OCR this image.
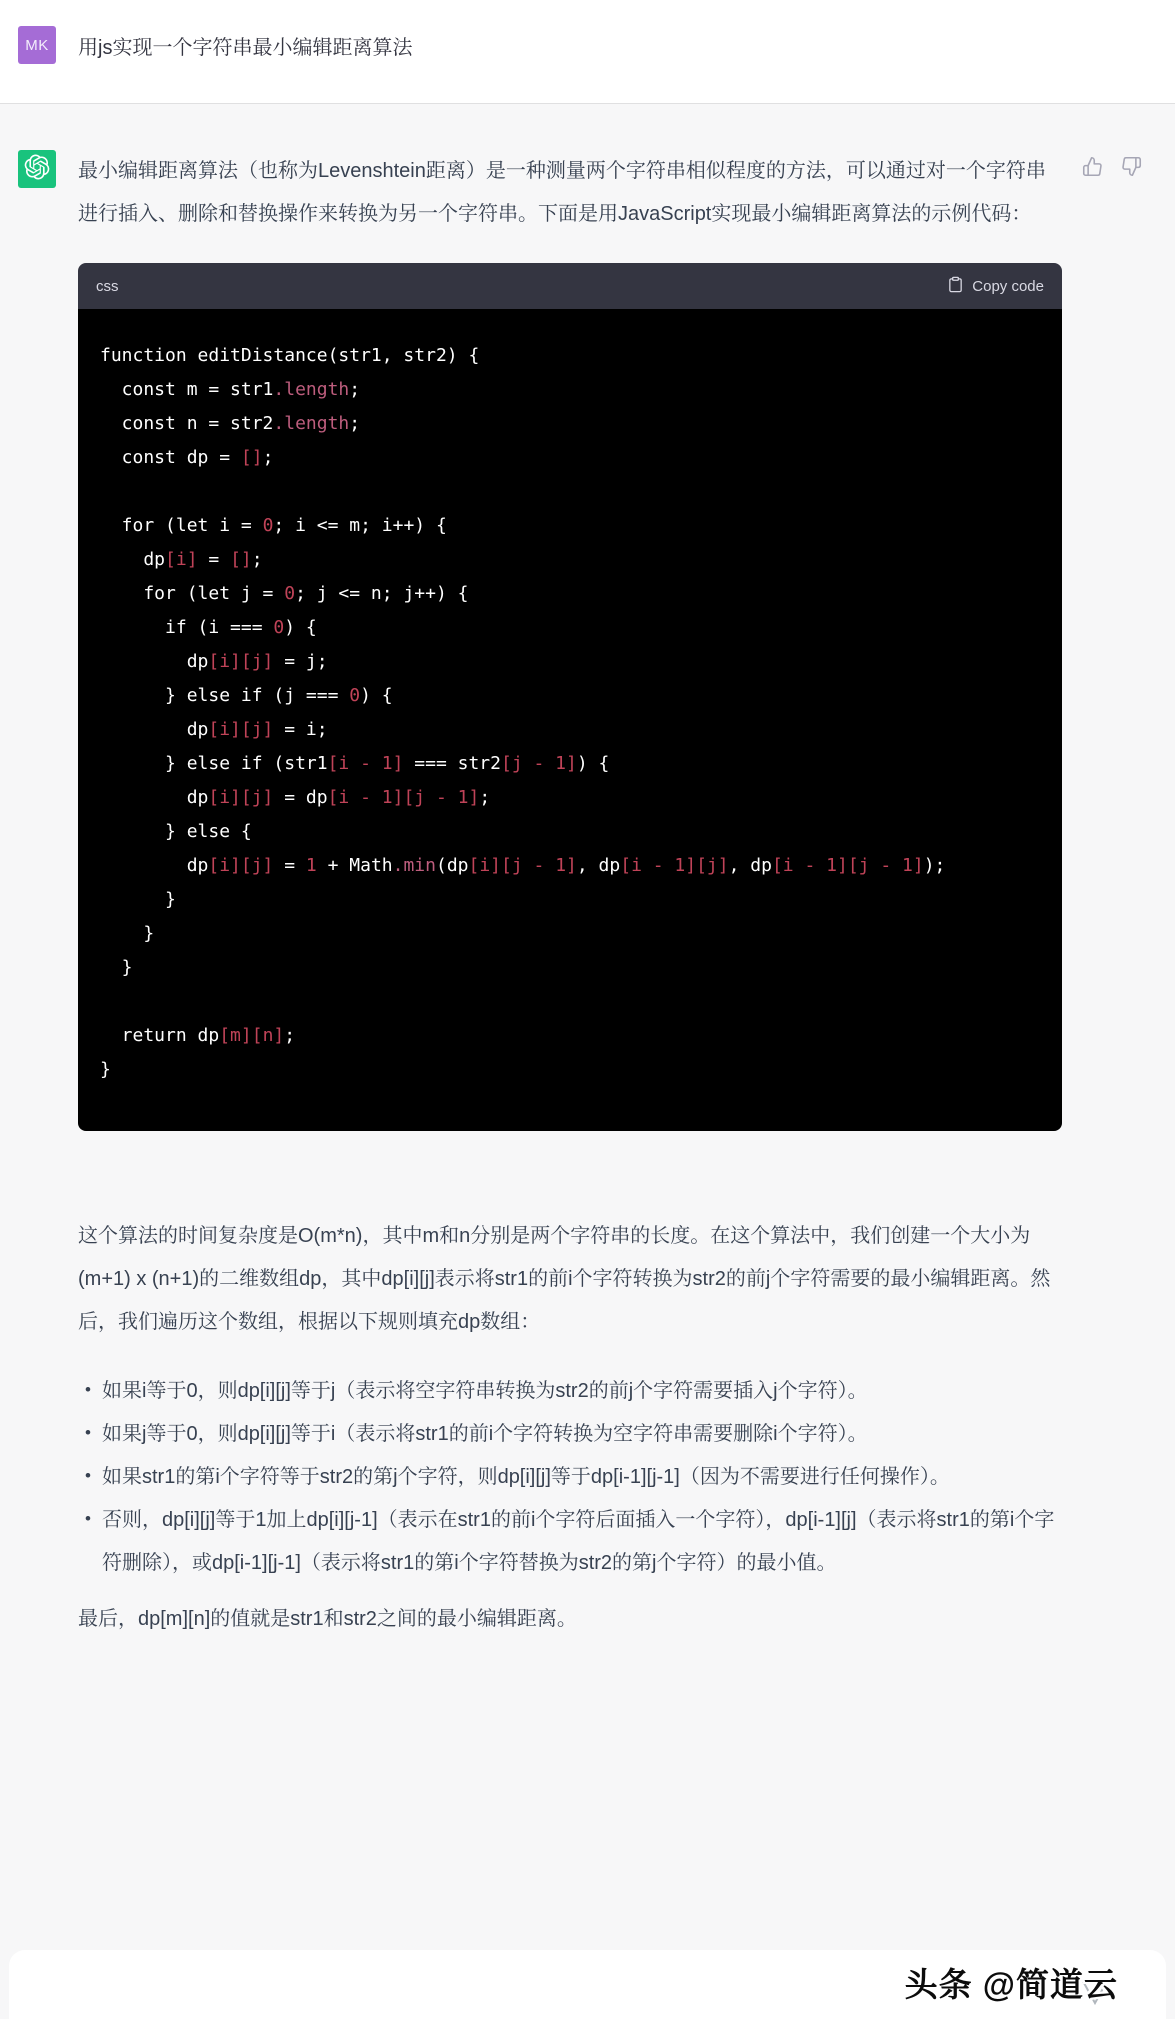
MK 用js实现一个字符串最小编辑距离算法

最小编辑距离算法（也称为Levenshtein距离）是一种测量两个字符串相似程度的方法，可以通过对一个字符串进行插入、删除和替换操作来转换为另一个字符串。下面是用JavaScript实现最小编辑距离算法的示例代码：

css	Copy code
function editDistance(str1, str2) {
const m = str1.length;
const n = str2.length;
const dp = [];

for (let i = 0; i <= m; i++) {
dp[i] = [];
for (let j = 0; j <= n; j++) {
if (i === 0) {
dp[i][j] = j;
} else if (j === 0) {
dp[i][j] = i;
} else if (str1[i - 1] === str2[j - 1]) {
dp[i][j] = dp[i - 1][j - 1];
} else {
dp[i][j] = 1 + Math.min(dp[i][j - 1], dp[i - 1][j], dp[i - 1][j - 1]);
}
}
}

return dp[m][n];
}

这个算法的时间复杂度是O(m*n)，其中m和n分别是两个字符串的长度。在这个算法中，我们创建一个大小为(m+1) x (n+1)的二维数组dp，其中dp[i][j]表示将str1的前i个字符转换为str2的前j个字符需要的最小编辑距离。然后，我们遍历这个数组，根据以下规则填充dp数组：

• 如果i等于0，则dp[i][j]等于j（表示将空字符串转换为str2的前j个字符需要插入j个字符）。
• 如果j等于0，则dp[i][j]等于i（表示将str1的前i个字符转换为空字符串需要删除i个字符）。
• 如果str1的第i个字符等于str2的第j个字符，则dp[i][j]等于dp[i-1][j-1]（因为不需要进行任何操作）。
• 否则，dp[i][j]等于1加上dp[i][j-1]（表示在str1的前i个字符后面插入一个字符），dp[i-1][j]（表示将str1的第i个字符删除），或dp[i-1][j-1]（表示将str1的第i个字符替换为str2的第j个字符）的最小值。

最后，dp[m][n]的值就是str1和str2之间的最小编辑距离。

头条 @简道云
